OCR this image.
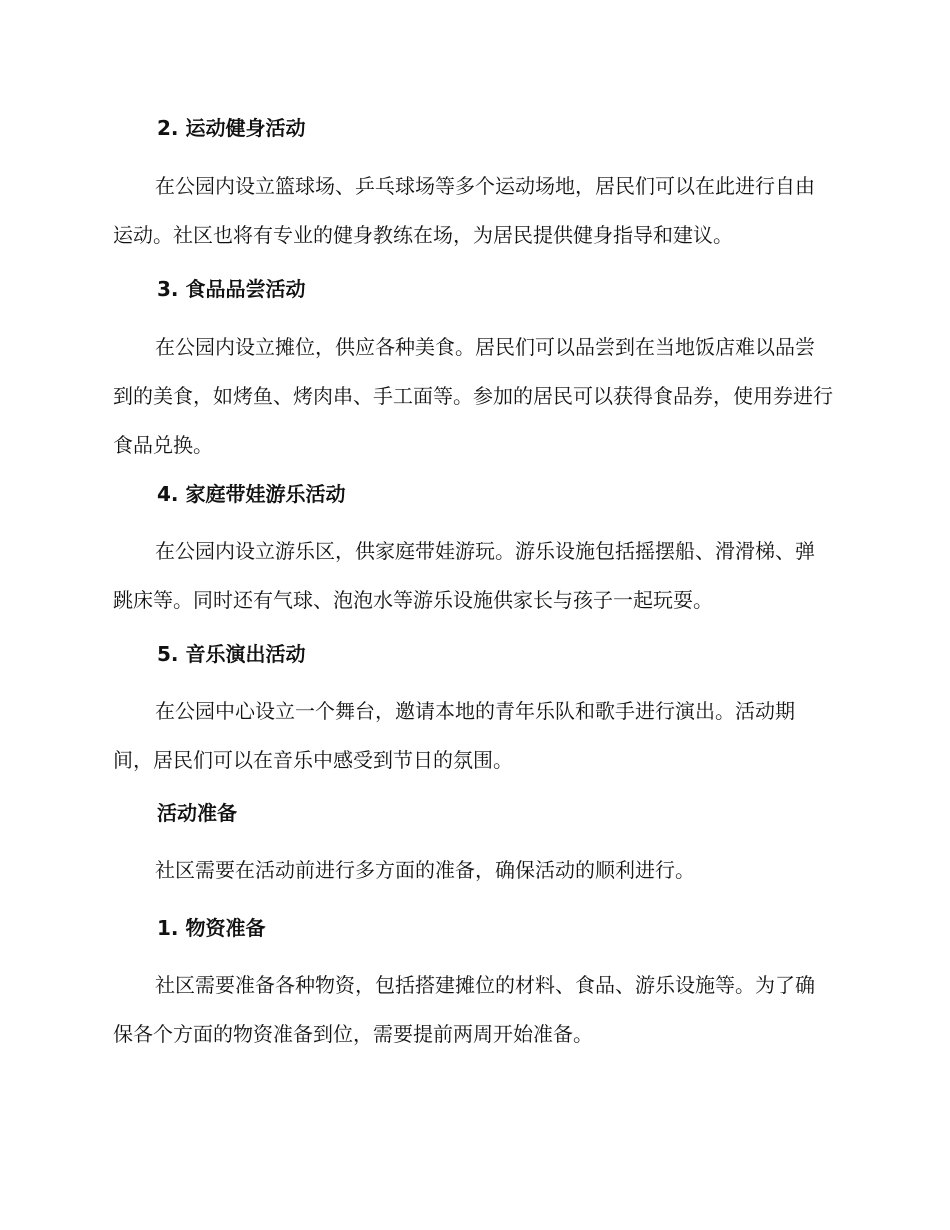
2. 运动健身活动

在公园内设立篮球场、乒乓球场等多个运动场地，居民们可以在此进行自由运动。社区也将有专业的健身教练在场，为居民提供健身指导和建议。

3. 食品品尝活动

在公园内设立摊位，供应各种美食。居民们可以品尝到在当地饭店难以品尝到的美食，如烤鱼、烤肉串、手工面等。参加的居民可以获得食品券，使用券进行食品兑换。

4. 家庭带娃游乐活动

在公园内设立游乐区，供家庭带娃游玩。游乐设施包括摇摆船、滑滑梯、弹跳床等。同时还有气球、泡泡水等游乐设施供家长与孩子一起玩耍。

5. 音乐演出活动

在公园中心设立一个舞台，邀请本地的青年乐队和歌手进行演出。活动期间，居民们可以在音乐中感受到节日的氛围。

活动准备

社区需要在活动前进行多方面的准备，确保活动的顺利进行。

1. 物资准备

社区需要准备各种物资，包括搭建摊位的材料、食品、游乐设施等。为了确保各个方面的物资准备到位，需要提前两周开始准备。
